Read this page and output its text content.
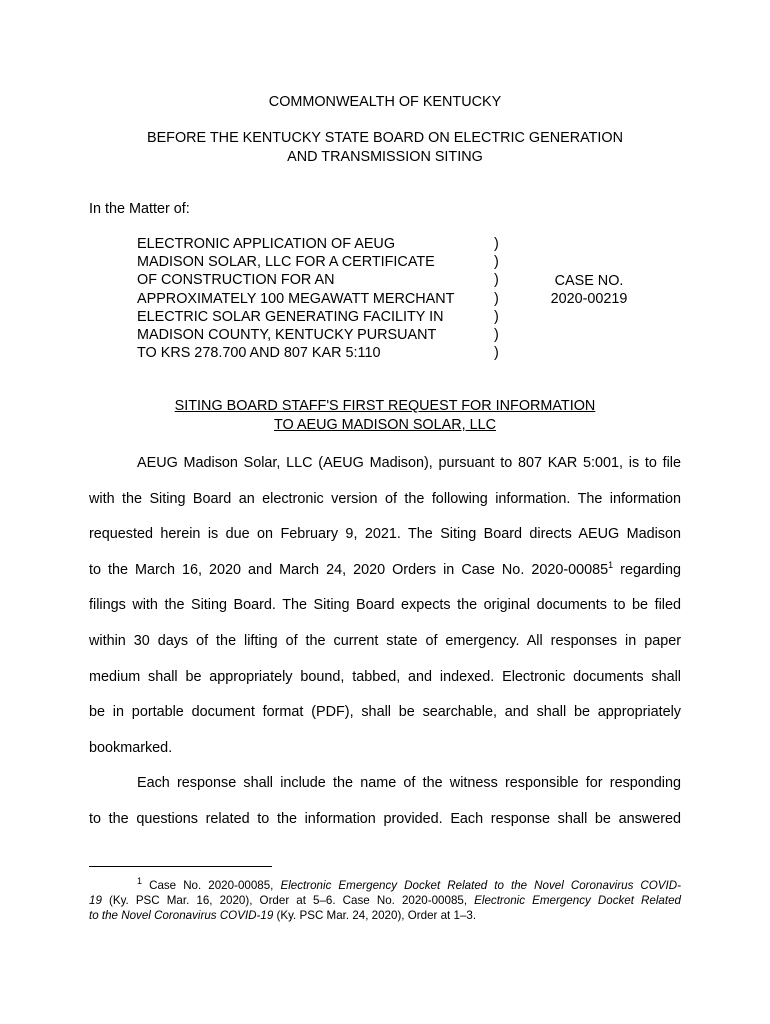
COMMONWEALTH OF KENTUCKY
BEFORE THE KENTUCKY STATE BOARD ON ELECTRIC GENERATION
AND TRANSMISSION SITING
In the Matter of:
ELECTRONIC APPLICATION OF AEUG
MADISON SOLAR, LLC FOR A CERTIFICATE
OF CONSTRUCTION FOR AN
APPROXIMATELY 100 MEGAWATT MERCHANT
ELECTRIC SOLAR GENERATING FACILITY IN
MADISON COUNTY, KENTUCKY PURSUANT
TO KRS 278.700 AND 807 KAR 5:110
)
)
)
)
)
)
)
CASE NO.
2020-00219
SITING BOARD STAFF'S FIRST REQUEST FOR INFORMATION
TO AEUG MADISON SOLAR, LLC
AEUG Madison Solar, LLC (AEUG Madison), pursuant to 807 KAR 5:001, is to file
with the Siting Board an electronic version of the following information. The information
requested herein is due on February 9, 2021. The Siting Board directs AEUG Madison
to the March 16, 2020 and March 24, 2020 Orders in Case No. 2020-00085$^1$ regarding
filings with the Siting Board. The Siting Board expects the original documents to be filed
within 30 days of the lifting of the current state of emergency. All responses in paper
medium shall be appropriately bound, tabbed, and indexed. Electronic documents shall
be in portable document format (PDF), shall be searchable, and shall be appropriately
bookmarked.
Each response shall include the name of the witness responsible for responding
to the questions related to the information provided. Each response shall be answered
$^1$ Case No. 2020-00085, Electronic Emergency Docket Related to the Novel Coronavirus COVID-
19 (Ky. PSC Mar. 16, 2020), Order at 5–6. Case No. 2020-00085, Electronic Emergency Docket Related
to the Novel Coronavirus COVID-19 (Ky. PSC Mar. 24, 2020), Order at 1–3.
